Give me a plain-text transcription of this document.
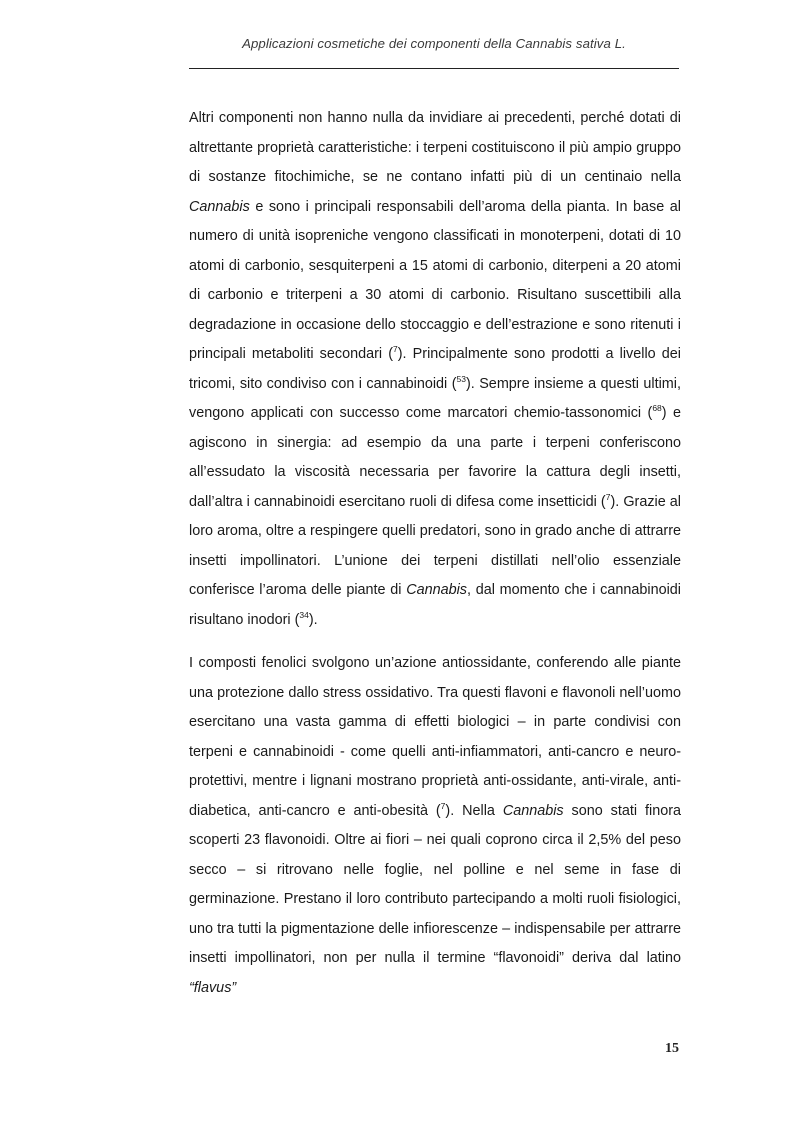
Applicazioni cosmetiche dei componenti della Cannabis sativa L.

Altri componenti non hanno nulla da invidiare ai precedenti, perché dotati di altrettante proprietà caratteristiche: i terpeni costituiscono il più ampio gruppo di sostanze fitochimiche, se ne contano infatti più di un centinaio nella Cannabis e sono i principali responsabili dell’aroma della pianta. In base al numero di unità isopreniche vengono classificati in monoterpeni, dotati di 10 atomi di carbonio, sesquiterpeni a 15 atomi di carbonio, diterpeni a 20 atomi di carbonio e triterpeni a 30 atomi di carbonio. Risultano suscettibili alla degradazione in occasione dello stoccaggio e dell’estrazione e sono ritenuti i principali metaboliti secondari ($^7$). Principalmente sono prodotti a livello dei tricomi, sito condiviso con i cannabinoidi ($^{53}$). Sempre insieme a questi ultimi, vengono applicati con successo come marcatori chemio-tassonomici ($^{68}$) e agiscono in sinergia: ad esempio da una parte i terpeni conferiscono all’essudato la viscosità necessaria per favorire la cattura degli insetti, dall’altra i cannabinoidi esercitano ruoli di difesa come insetticidi ($^7$). Grazie al loro aroma, oltre a respingere quelli predatori, sono in grado anche di attrarre insetti impollinatori. L’unione dei terpeni distillati nell’olio essenziale conferisce l’aroma delle piante di Cannabis, dal momento che i cannabinoidi risultano inodori ($^{34}$).

I composti fenolici svolgono un’azione antiossidante, conferendo alle piante una protezione dallo stress ossidativo. Tra questi flavoni e flavonoli nell’uomo esercitano una vasta gamma di effetti biologici – in parte condivisi con terpeni e cannabinoidi - come quelli anti-infiammatori, anti-cancro e neuro-protettivi, mentre i lignani mostrano proprietà anti-ossidante, anti-virale, anti-diabetica, anti-cancro e anti-obesità ($^7$). Nella Cannabis sono stati finora scoperti 23 flavonoidi. Oltre ai fiori – nei quali coprono circa il 2,5% del peso secco – si ritrovano nelle foglie, nel polline e nel seme in fase di germinazione. Prestano il loro contributo partecipando a molti ruoli fisiologici, uno tra tutti la pigmentazione delle infiorescenze – indispensabile per attrarre insetti impollinatori, non per nulla il termine “flavonoidi” deriva dal latino “flavus”

15
